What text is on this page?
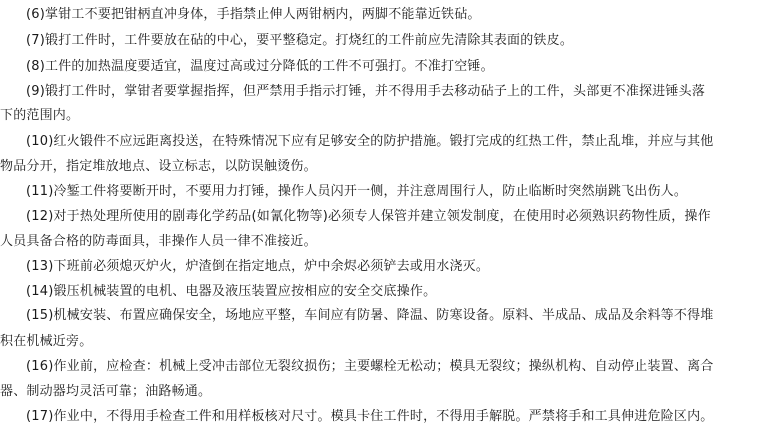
(6)掌钳工不要把钳柄直冲身体，手指禁止伸人两钳柄内，两脚不能靠近铁砧。
(7)锻打工件时，工件要放在砧的中心，要平整稳定。打烧红的工件前应先清除其表面的铁皮。
(8)工件的加热温度要适宜，温度过高或过分降低的工件不可强打。不准打空锤。
(9)锻打工件时，掌钳者要掌握指挥，但严禁用手指示打锤，并不得用手去移动砧子上的工件，头部更不准探进锤头落
下的范围内。
(10)红火锻件不应远距离投送，在特殊情况下应有足够安全的防护措施。锻打完成的红热工件，禁止乱堆，并应与其他
物品分开，指定堆放地点、设立标志，以防误触烫伤。
(11)冷錾工件将要断开时，不要用力打锤，操作人员闪开一侧，并注意周围行人，防止临断时突然崩跳飞出伤人。
(12)对于热处理所使用的剧毒化学药品(如氰化物等)必须专人保管并建立领发制度，在使用时必须熟识药物性质，操作
人员具备合格的防毒面具，非操作人员一律不准接近。
(13)下班前必须熄灭炉火，炉渣倒在指定地点，炉中余烬必须铲去或用水浇灭。
(14)锻压机械装置的电机、电器及液压装置应按相应的安全交底操作。
(15)机械安装、布置应确保安全，场地应平整，车间应有防暑、降温、防寒设备。原料、半成品、成品及余料等不得堆
积在机械近旁。
(16)作业前，应检查：机械上受冲击部位无裂纹损伤；主要螺栓无松动；模具无裂纹；操纵机构、自动停止装置、离合
器、制动器均灵活可靠；油路畅通。
(17)作业中，不得用手检查工件和用样板核对尺寸。模具卡住工件时，不得用手解脱。严禁将手和工具伸进危险区内。
